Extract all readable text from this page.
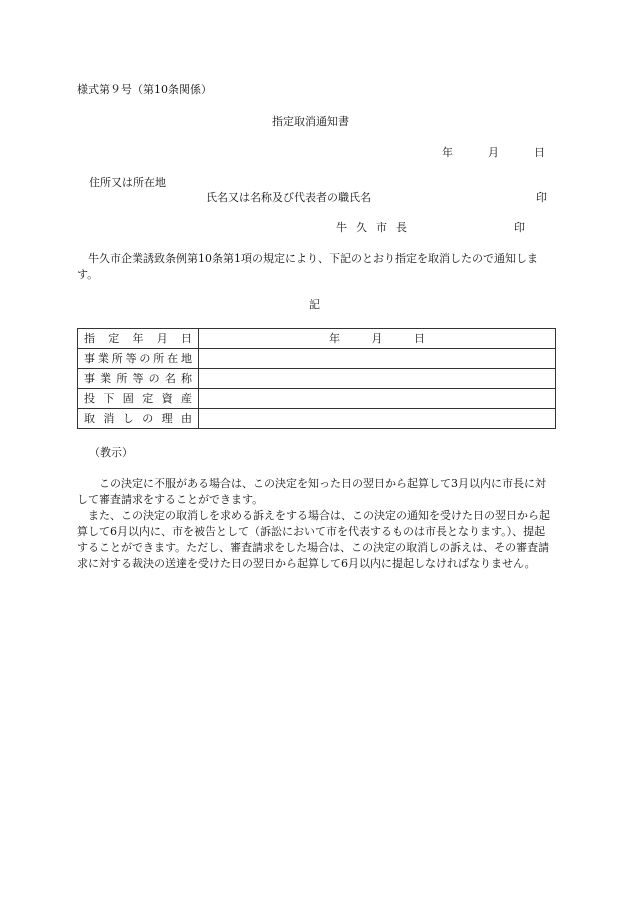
様式第９号（第10条関係）
指定取消通知書
年	月	日
住所又は所在地
氏名又は名称及び代表者の職氏名	印
牛久市長	印
牛久市企業誘致条例第10条第1項の規定により、下記のとおり指定を取消したので通知します。
記
指定年月日	年 月 日
事業所等の所在地	
事業所等の名称	
投下固定資産	
取消しの理由	
（教示）

この決定に不服がある場合は、この決定を知った日の翌日から起算して3月以内に市長に対して審査請求をすることができます。

また、この決定の取消しを求める訴えをする場合は、この決定の通知を受けた日の翌日から起算して6月以内に、市を被告として（訴訟において市を代表するものは市長となります。）、提起することができます。ただし、審査請求をした場合は、この決定の取消しの訴えは、その審査請求に対する裁決の送達を受けた日の翌日から起算して6月以内に提起しなければなりません。
